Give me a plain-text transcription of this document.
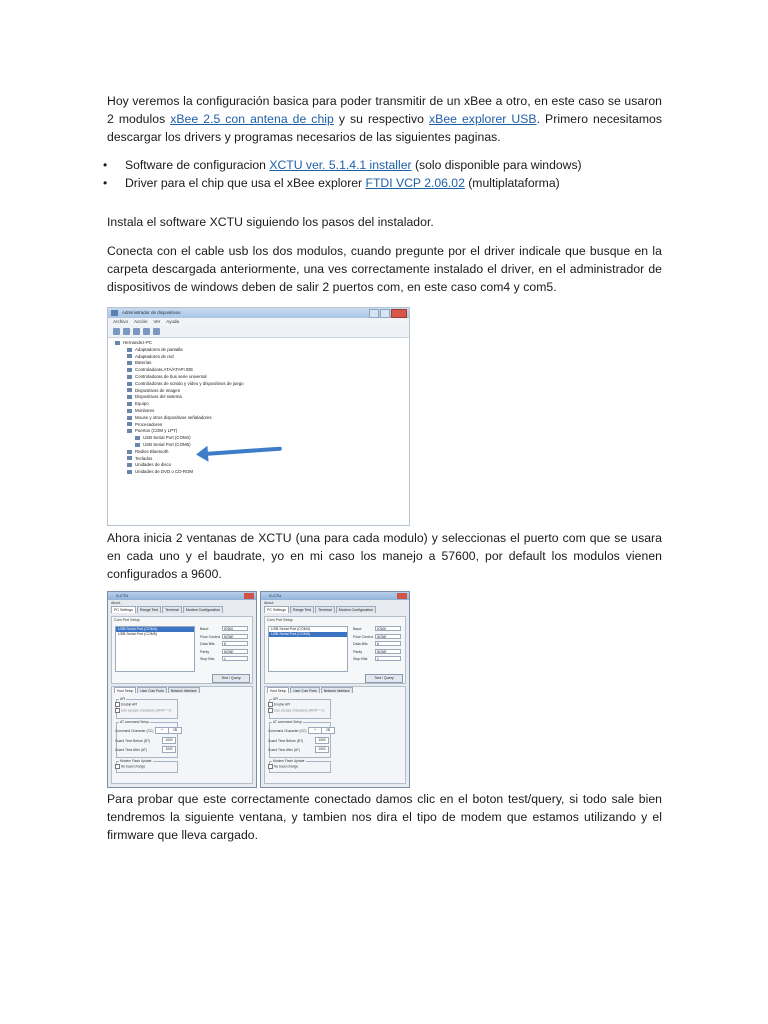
Hoy veremos la configuración basica para poder transmitir de un xBee a otro, en este caso se usaron 2 modulos xBee 2.5 con antena de chip y su respectivo xBee explorer USB. Primero necesitamos descargar los drivers y programas necesarios de las siguientes paginas.

• Software de configuracion XCTU ver. 5.1.4.1 installer (solo disponible para windows)
• Driver para el chip que usa el xBee explorer FTDI VCP 2.06.02 (multiplataforma)

Instala el software XCTU siguiendo los pasos del instalador.

Conecta con el cable usb los dos modulos, cuando pregunte por el driver indicale que busque en la carpeta descargada anteriormente, una ves correctamente instalado el driver, en el administrador de dispositivos de windows deben de salir 2 puertos com, en este caso com4 y com5.

Administrador de dispositivos
Archivo Acción Ver Ayuda
Hernandez-PC
Adaptadores de pantalla
Adaptadores de red
Baterías
Controladoras ATA/ATAPI IDE
Controladoras de bus serie universal
Controladoras de sonido y vídeo y dispositivos de juego
Dispositivos de imagen
Dispositivos del sistema
Equipo
Monitores
Mouse y otros dispositivos señaladores
Procesadores
Puertos (COM y LPT)
USB Serial Port (COM4)
USB Serial Port (COM5)
Radios Bluetooth
Teclados
Unidades de disco
Unidades de DVD o CD-ROM

Ahora inicia 2 ventanas de XCTU (una para cada modulo) y seleccionas el puerto com que se usara en cada uno y el baudrate, yo en mi caso los manejo a 57600, por default los modulos vienen configurados a 9600.

X-CTU
About
PC Settings	Range Test	Terminal	Modem Configuration
Com Port Setup
USB Serial Port (COM4)
USB Serial Port (COM5)
Baud	57600
Flow Control	NONE
Data Bits	8
Parity	NONE
Stop Bits	1
Test / Query
Host Setup	User Com Ports	Network Interface
API
Enable API
Use escape characters (ATAP = 2)
AT command Setup
Command Character (CC)	+	2B
Guard Time Before (BT)	1000
Guard Time After (AT)	1000
Modem Flash Update
No baud change
X-CTU
About
PC Settings	Range Test	Terminal	Modem Configuration
Com Port Setup
USB Serial Port (COM4)
USB Serial Port (COM5)
Baud	57600
Flow Control	NONE
Data Bits	8
Parity	NONE
Stop Bits	1
Test / Query
Host Setup	User Com Ports	Network Interface
API
Enable API
Use escape characters (ATAP = 2)
AT command Setup
Command Character (CC)	+	2B
Guard Time Before (BT)	1000
Guard Time After (AT)	1000
Modem Flash Update
No baud change

Para probar que este correctamente conectado damos clic en el boton test/query, si todo sale bien tendremos la siguiente ventana, y tambien nos dira el tipo de modem que estamos utilizando y el firmware que lleva cargado.
